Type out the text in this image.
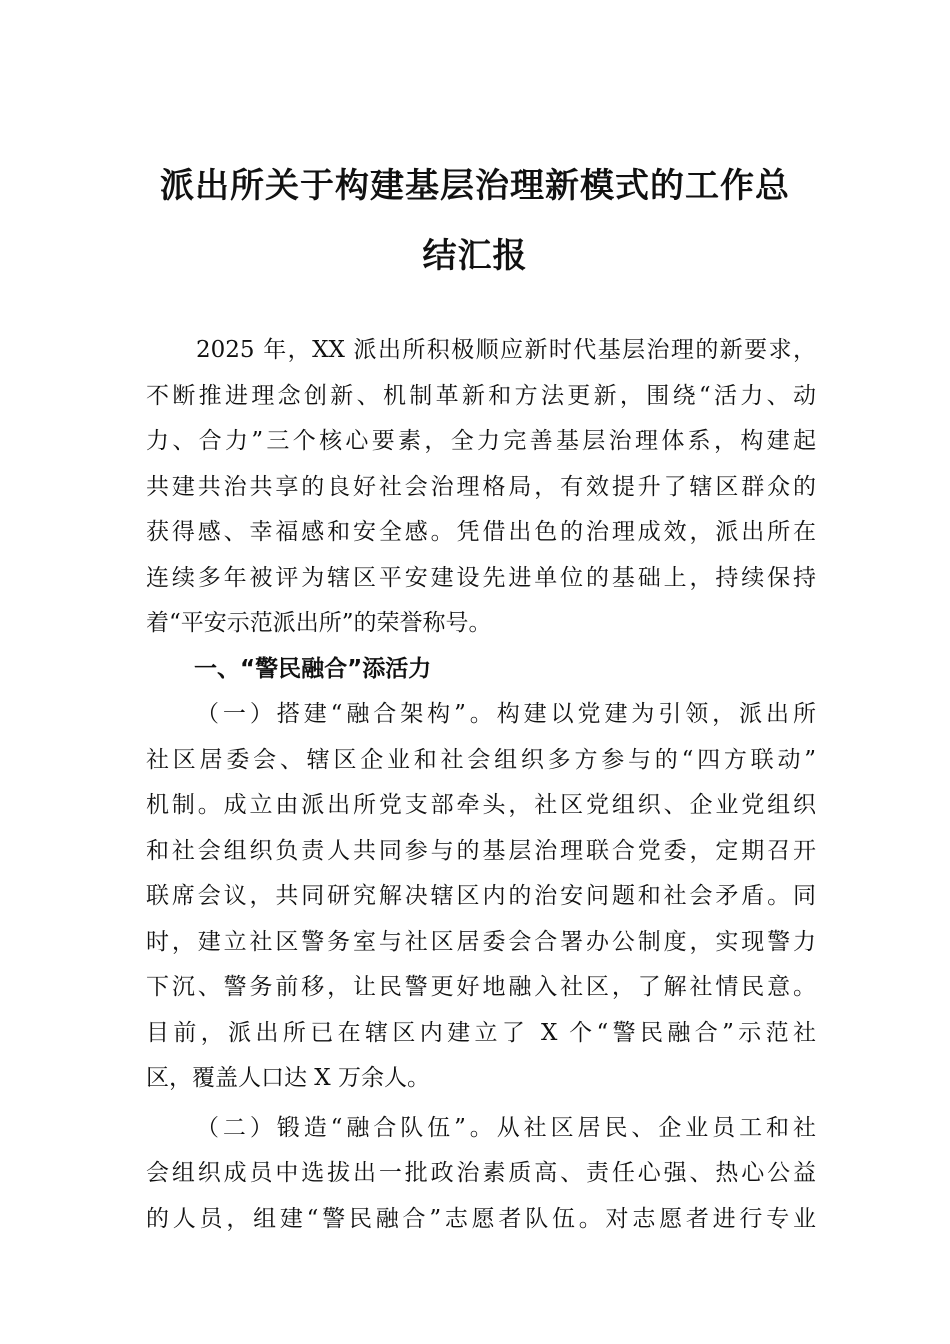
派出所关于构建基层治理新模式的工作总
结汇报
2025 年，XX 派出所积极顺应新时代基层治理的新要求，
不断推进理念创新、机制革新和方法更新，围绕“活力、动
力、合力”三个核心要素，全力完善基层治理体系，构建起
共建共治共享的良好社会治理格局，有效提升了辖区群众的
获得感、幸福感和安全感。凭借出色的治理成效，派出所在
连续多年被评为辖区平安建设先进单位的基础上，持续保持
着“平安示范派出所”的荣誉称号。
一、“警民融合”添活力
（一）搭建“融合架构”。构建以党建为引领，派出所
社区居委会、辖区企业和社会组织多方参与的“四方联动”
机制。成立由派出所党支部牵头，社区党组织、企业党组织
和社会组织负责人共同参与的基层治理联合党委，定期召开
联席会议，共同研究解决辖区内的治安问题和社会矛盾。同
时，建立社区警务室与社区居委会合署办公制度，实现警力
下沉、警务前移，让民警更好地融入社区，了解社情民意。
目前，派出所已在辖区内建立了 X 个“警民融合”示范社
区，覆盖人口达 X 万余人。
（二）锻造“融合队伍”。从社区居民、企业员工和社
会组织成员中选拔出一批政治素质高、责任心强、热心公益
的人员，组建“警民融合”志愿者队伍。对志愿者进行专业
